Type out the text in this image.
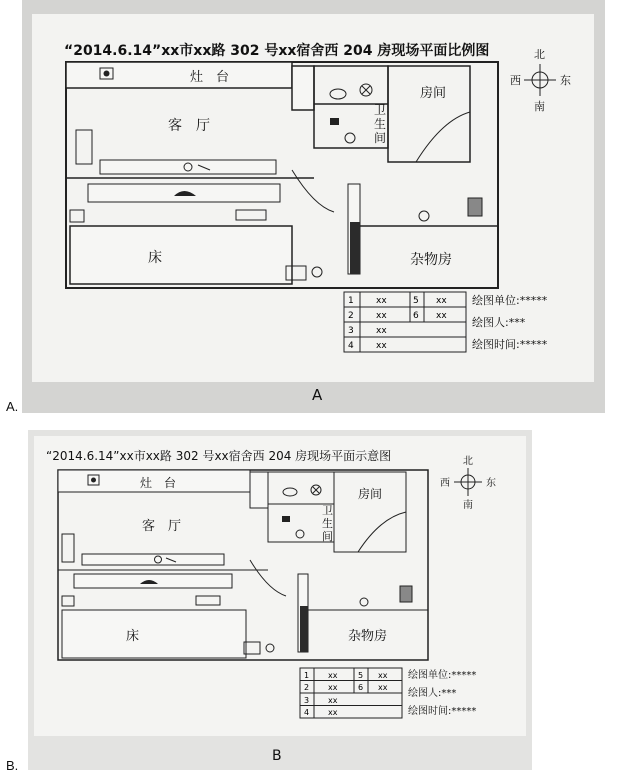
A.
B.
“2014.6.14”xx市xx路 302 号xx宿舍西 204 房现场平面比例图
灶　台
卫
生
间
房间
客　厅
床	杂物房
北
南
西	东
1 xx	5 xx
2 xx	6 xx
3 xx
4 xx
绘图单位:*****
绘图人:***
绘图时间:*****
A
“2014.6.14”xx市xx路 302 号xx宿舍西 204 房现场平面示意图
灶　台
卫
生
间
房间
客　厅
床	杂物房
北
南
西	东
1 xx	5 xx
2 xx	6 xx
3 xx
4 xx
绘图单位:*****
绘图人:***
绘图时间:*****
B
